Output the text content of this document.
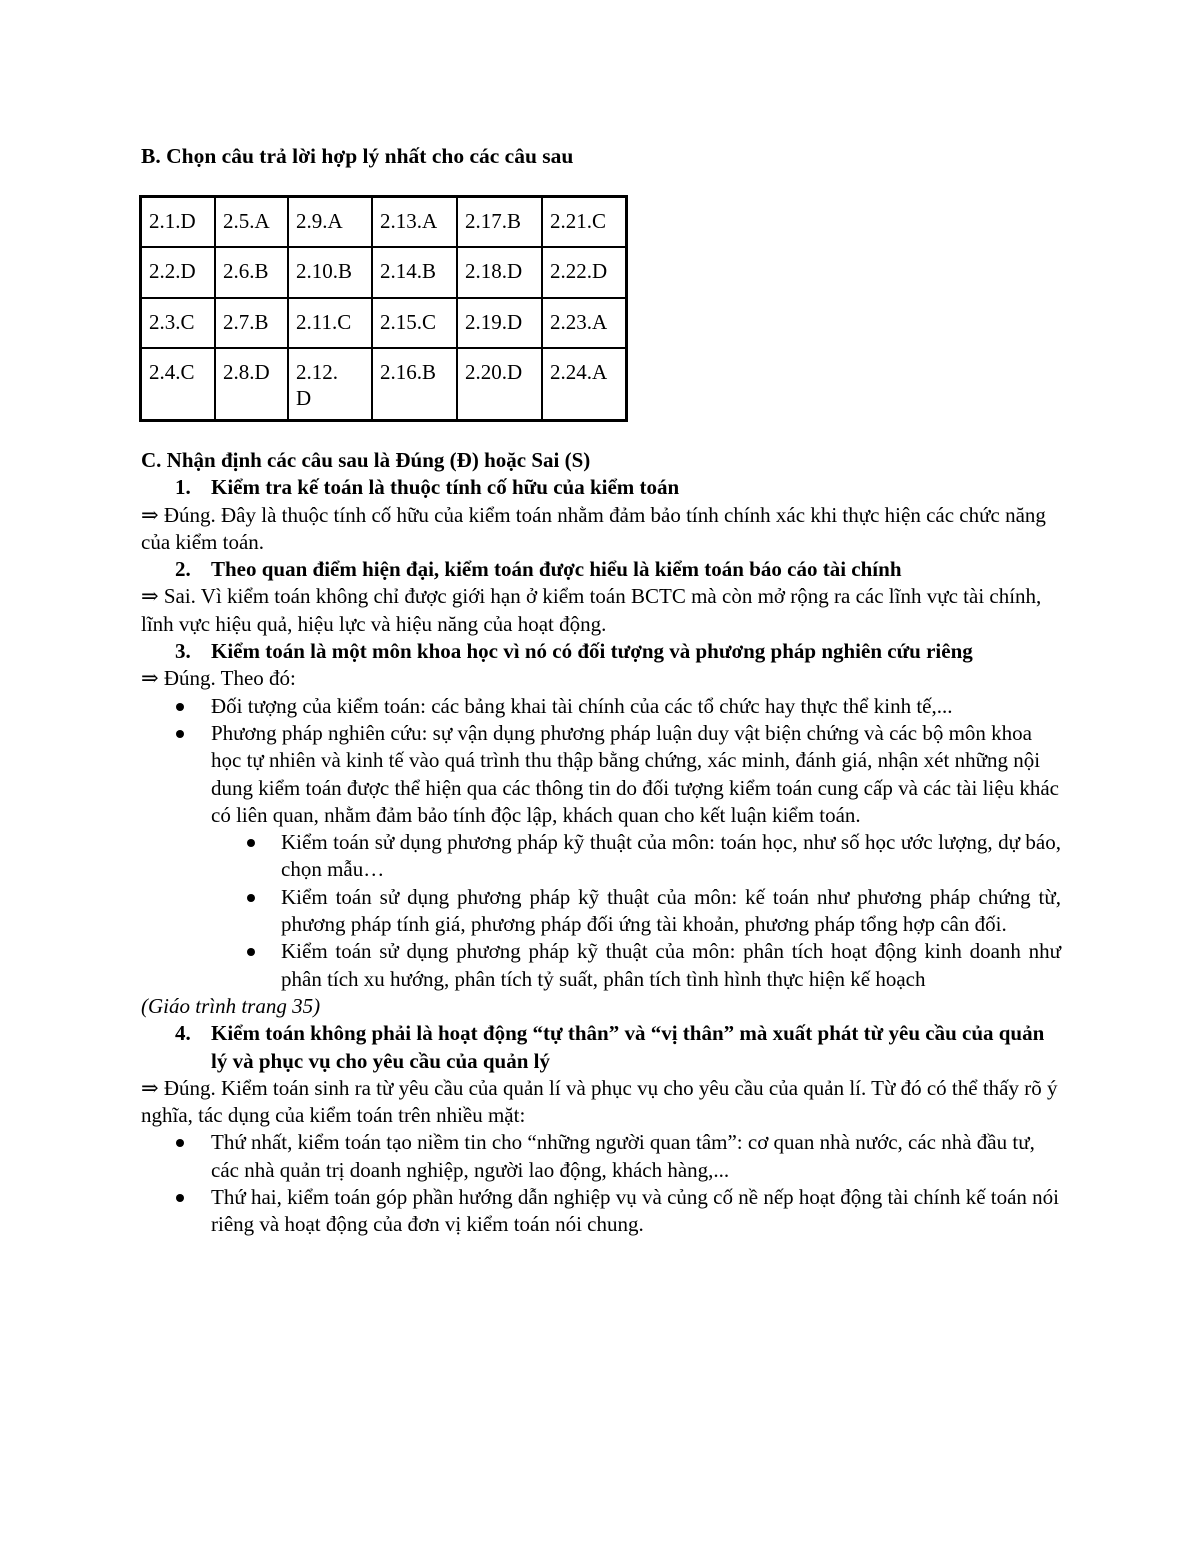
B. Chọn câu trả lời hợp lý nhất cho các câu sau
2.1.D	2.5.A	2.9.A	2.13.A	2.17.B	2.21.C
2.2.D	2.6.B	2.10.B	2.14.B	2.18.D	2.22.D
2.3.C	2.7.B	2.11.C	2.15.C	2.19.D	2.23.A
2.4.C	2.8.D	2.12. D	2.16.B	2.20.D	2.24.A
C. Nhận định các câu sau là Đúng (Đ) hoặc Sai (S)
1. Kiểm tra kế toán là thuộc tính cố hữu của kiểm toán
⇒ Đúng. Đây là thuộc tính cố hữu của kiểm toán nhằm đảm bảo tính chính xác khi thực hiện các chức năng của kiểm toán.
2. Theo quan điểm hiện đại, kiểm toán được hiểu là kiểm toán báo cáo tài chính
⇒ Sai. Vì kiểm toán không chỉ được giới hạn ở kiểm toán BCTC mà còn mở rộng ra các lĩnh vực tài chính, lĩnh vực hiệu quả, hiệu lực và hiệu năng của hoạt động.
3. Kiểm toán là một môn khoa học vì nó có đối tượng và phương pháp nghiên cứu riêng
⇒ Đúng. Theo đó:
Đối tượng của kiểm toán: các bảng khai tài chính của các tổ chức hay thực thể kinh tế,...
Phương pháp nghiên cứu: sự vận dụng phương pháp luận duy vật biện chứng và các bộ môn khoa học tự nhiên và kinh tế vào quá trình thu thập bằng chứng, xác minh, đánh giá, nhận xét những nội dung kiểm toán được thể hiện qua các thông tin do đối tượng kiểm toán cung cấp và các tài liệu khác có liên quan, nhằm đảm bảo tính độc lập, khách quan cho kết luận kiểm toán.
Kiểm toán sử dụng phương pháp kỹ thuật của môn: toán học, như số học ước lượng, dự báo, chọn mẫu…
Kiểm toán sử dụng phương pháp kỹ thuật của môn: kế toán như phương pháp chứng từ, phương pháp tính giá, phương pháp đối ứng tài khoản, phương pháp tổng hợp cân đối.
Kiểm toán sử dụng phương pháp kỹ thuật của môn: phân tích hoạt động kinh doanh như phân tích xu hướng, phân tích tỷ suất, phân tích tình hình thực hiện kế hoạch
(Giáo trình trang 35)
4. Kiểm toán không phải là hoạt động “tự thân” và “vị thân” mà xuất phát từ yêu cầu của quản lý và phục vụ cho yêu cầu của quản lý
⇒ Đúng. Kiểm toán sinh ra từ yêu cầu của quản lí và phục vụ cho yêu cầu của quản lí. Từ đó có thể thấy rõ ý nghĩa, tác dụng của kiểm toán trên nhiều mặt:
Thứ nhất, kiểm toán tạo niềm tin cho “những người quan tâm”: cơ quan nhà nước, các nhà đầu tư, các nhà quản trị doanh nghiệp, người lao động, khách hàng,...
Thứ hai, kiểm toán góp phần hướng dẫn nghiệp vụ và củng cố nề nếp hoạt động tài chính kế toán nói riêng và hoạt động của đơn vị kiểm toán nói chung.
